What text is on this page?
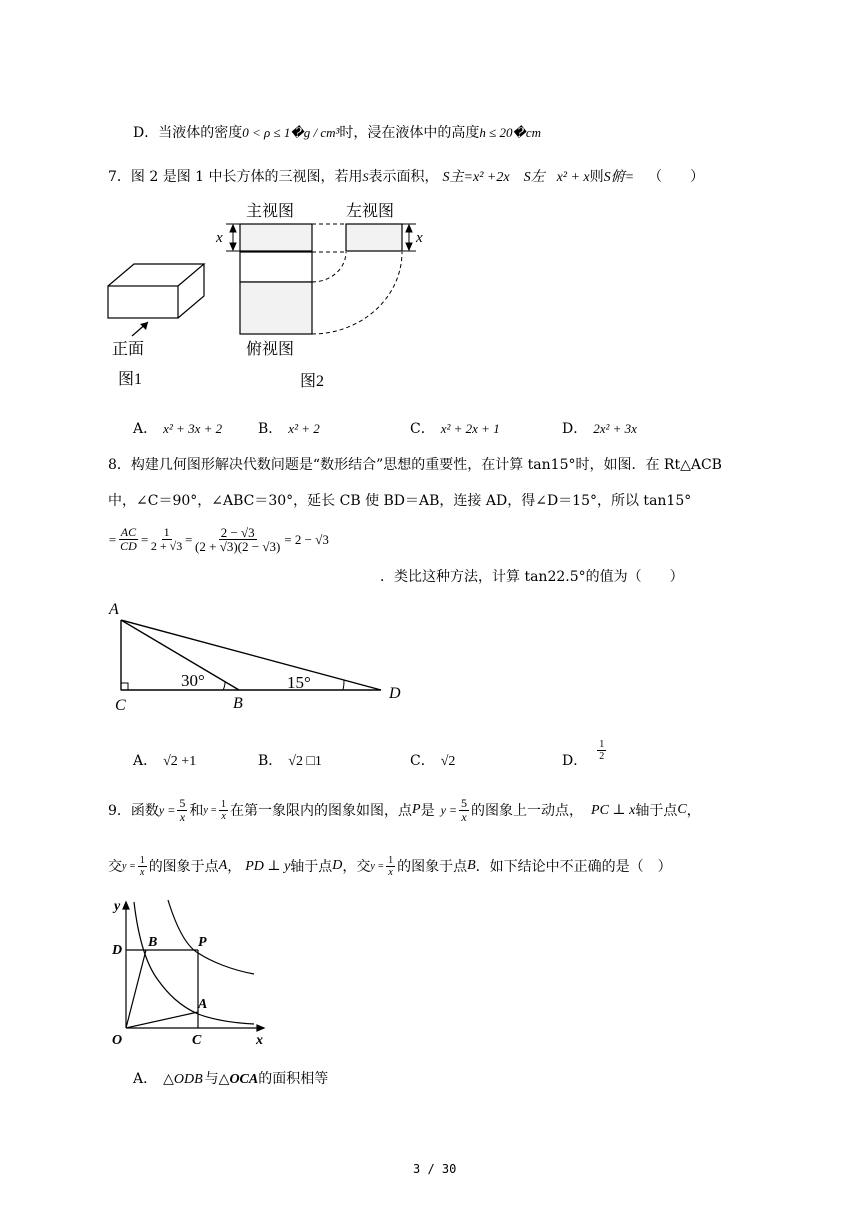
D．当液体的密度0 < ρ ≤ 1�g / cm³时，浸在液体中的高度h ≤ 20�cm
7．图 2 是图 1 中长方体的三视图，若用S表示面积， S主=x² +2x S左 x² + x则S俯= （　　）
正面
图1
主视图
俯视图
图2
左视图
x	x
A． x² + 3x + 2	B． x² + 2	C． x² + 2x + 1	D． 2x² + 3x
8．构建几何图形解决代数问题是“数形结合”思想的重要性，在计算 tan15°时，如图．在 Rt△ACB
中，∠C＝90°，∠ABC＝30°，延长 CB 使 BD＝AB，连接 AD，得∠D＝15°，所以 tan15°
= $\frac{AC}{CD} = \frac{1}{2 + √3} = \frac{2 - √3}{(2 + √3)(2 - √3)} = 2 - √3$
．类比这种方法，计算 tan22.5°的值为（　　）
A
C	B
D
30°	15°
A． √2 +1	B． √2 □1	C． √2	D． $\frac{1}{2}$
9．函数 $y = \frac{5}{x}$ 和 $y = \frac{1}{x}$ 在第一象限内的图象如图，点 P 是 $y = \frac{5}{x}$ 的图象上一动点， PC ⊥ x 轴于点 C ，
交 $y = \frac{1}{x}$ 的图象于点 A ， PD ⊥ y 轴于点 D ，交 $y = \frac{1}{x}$ 的图象于点 B ．如下结论中不正确的是（　）
y
x
O	C
D
B	P
A
A． △ODB 与△OCA的面积相等
3 / 30
